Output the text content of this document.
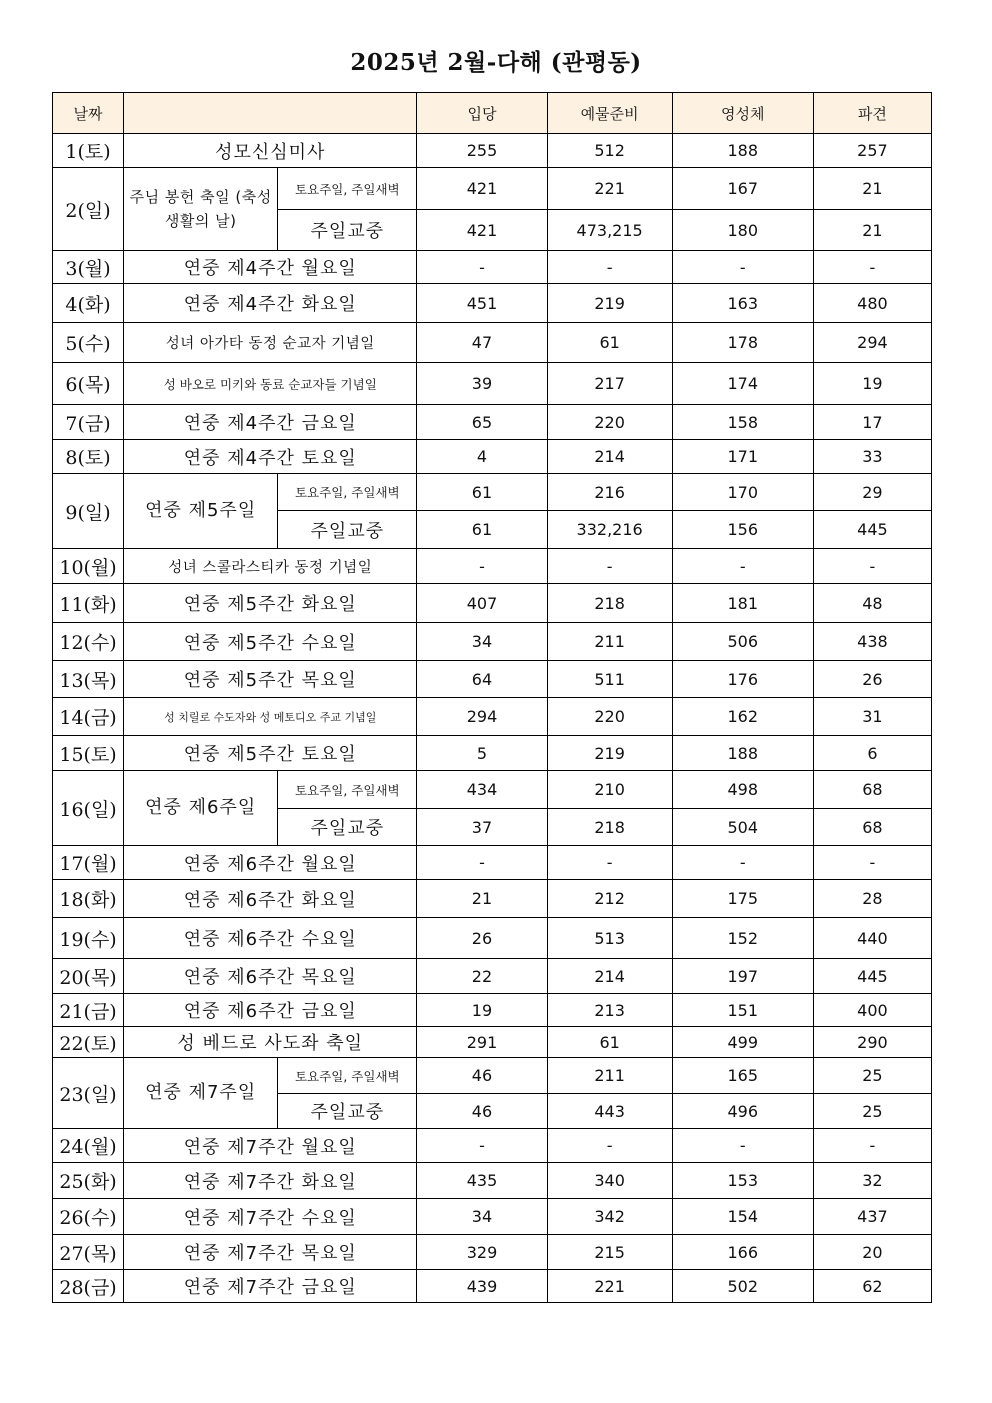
2025년 2월-다해 (관평동)
날짜			입당	예물준비	영성체	파견
1(토)	성모신심미사		255	512	188	257
2(일)	주님 봉헌 축일 (축성 생활의 날)	토요주일, 주일새벽	421	221	167	21
		주일교중	421	473,215	180	21
3(월)	연중 제4주간 월요일		-	-	-	-
4(화)	연중 제4주간 화요일		451	219	163	480
5(수)	성녀 아가타 동정 순교자 기념일		47	61	178	294
6(목)	성 바오로 미키와 동료 순교자들 기념일		39	217	174	19
7(금)	연중 제4주간 금요일		65	220	158	17
8(토)	연중 제4주간 토요일		4	214	171	33
9(일)	연중 제5주일	토요주일, 주일새벽	61	216	170	29
		주일교중	61	332,216	156	445
10(월)	성녀 스콜라스티카 동정 기념일		-	-	-	-
11(화)	연중 제5주간 화요일		407	218	181	48
12(수)	연중 제5주간 수요일		34	211	506	438
13(목)	연중 제5주간 목요일		64	511	176	26
14(금)	성 치릴로 수도자와 성 메토디오 주교 기념일		294	220	162	31
15(토)	연중 제5주간 토요일		5	219	188	6
16(일)	연중 제6주일	토요주일, 주일새벽	434	210	498	68
		주일교중	37	218	504	68
17(월)	연중 제6주간 월요일		-	-	-	-
18(화)	연중 제6주간 화요일		21	212	175	28
19(수)	연중 제6주간 수요일		26	513	152	440
20(목)	연중 제6주간 목요일		22	214	197	445
21(금)	연중 제6주간 금요일		19	213	151	400
22(토)	성 베드로 사도좌 축일		291	61	499	290
23(일)	연중 제7주일	토요주일, 주일새벽	46	211	165	25
		주일교중	46	443	496	25
24(월)	연중 제7주간 월요일		-	-	-	-
25(화)	연중 제7주간 화요일		435	340	153	32
26(수)	연중 제7주간 수요일		34	342	154	437
27(목)	연중 제7주간 목요일		329	215	166	20
28(금)	연중 제7주간 금요일		439	221	502	62
